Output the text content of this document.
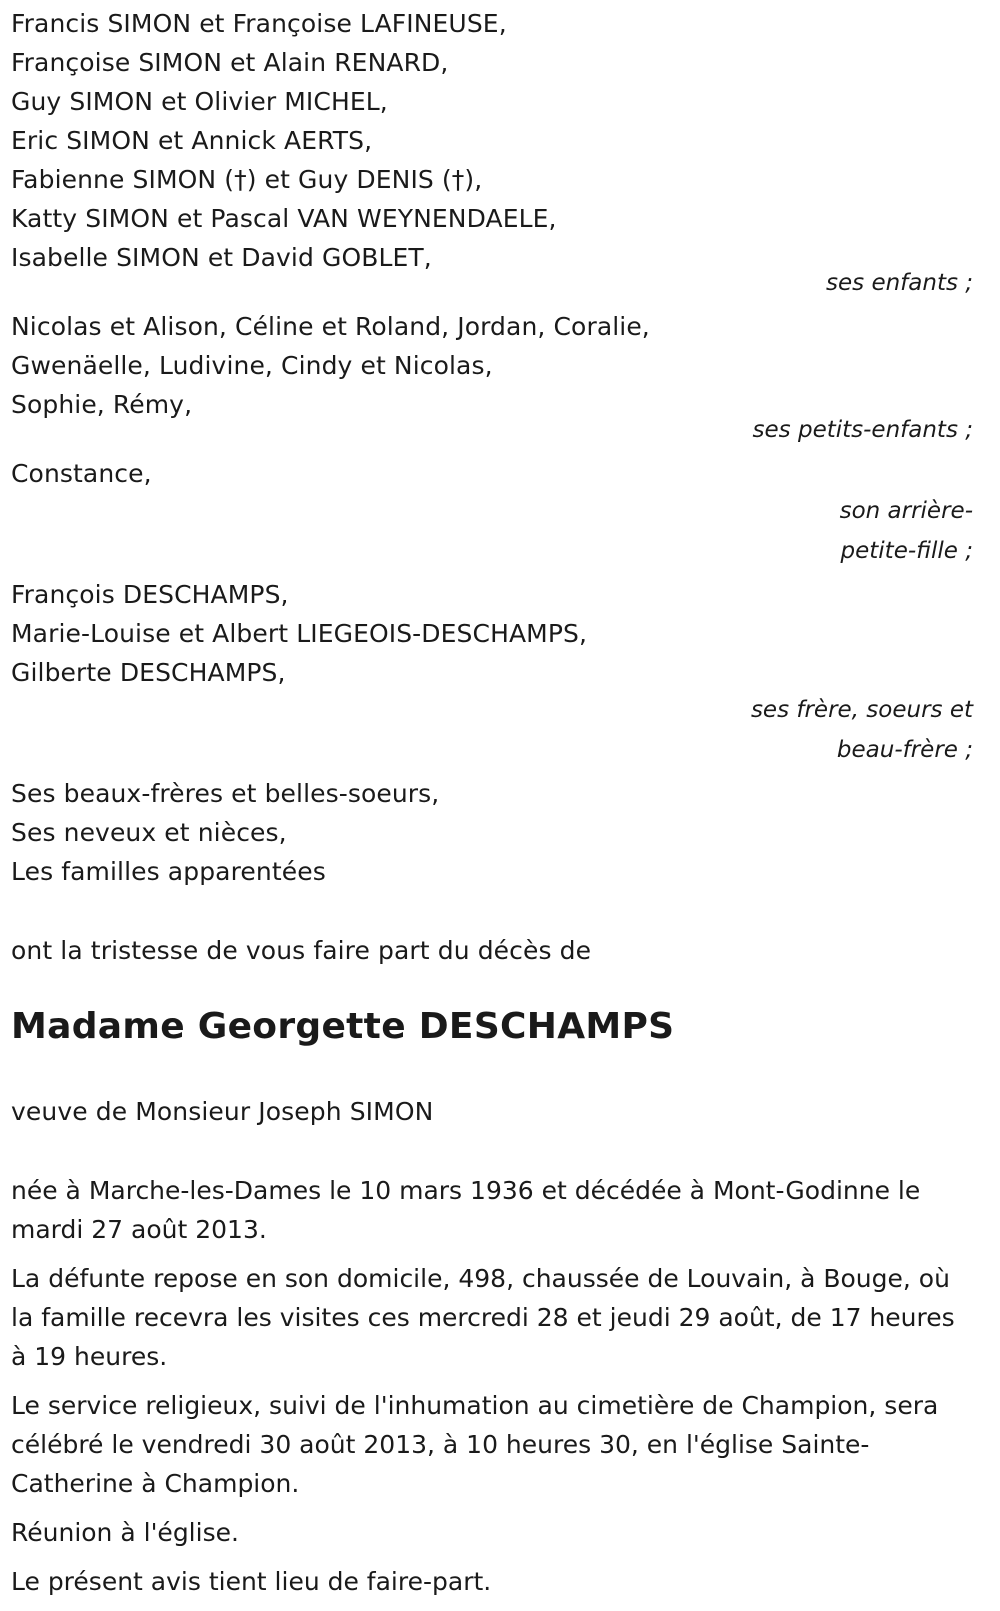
Francis SIMON et Françoise LAFINEUSE,
Françoise SIMON et Alain RENARD,
Guy SIMON et Olivier MICHEL,
Eric SIMON et Annick AERTS,
Fabienne SIMON (†) et Guy DENIS (†),
Katty SIMON et Pascal VAN WEYNENDAELE,
Isabelle SIMON et David GOBLET,
ses enfants ;
Nicolas et Alison, Céline et Roland, Jordan, Coralie,
Gwenäelle, Ludivine, Cindy et Nicolas,
Sophie, Rémy,
ses petits-enfants ;
Constance,
son arrière-
petite-fille ;
François DESCHAMPS,
Marie-Louise et Albert LIEGEOIS-DESCHAMPS,
Gilberte DESCHAMPS,
ses frère, soeurs et
beau-frère ;
Ses beaux-frères et belles-soeurs,
Ses neveux et nièces,
Les familles apparentées
ont la tristesse de vous faire part du décès de
Madame Georgette DESCHAMPS
veuve de Monsieur Joseph SIMON

née à Marche-les-Dames le 10 mars 1936 et décédée à Mont-Godinne le mardi 27 août 2013.

La défunte repose en son domicile, 498, chaussée de Louvain, à Bouge, où la famille recevra les visites ces mercredi 28 et jeudi 29 août, de 17 heures à 19 heures.

Le service religieux, suivi de l'inhumation au cimetière de Champion, sera célébré le vendredi 30 août 2013, à 10 heures 30, en l'église Sainte-Catherine à Champion.

Réunion à l'église.

Le présent avis tient lieu de faire-part.
